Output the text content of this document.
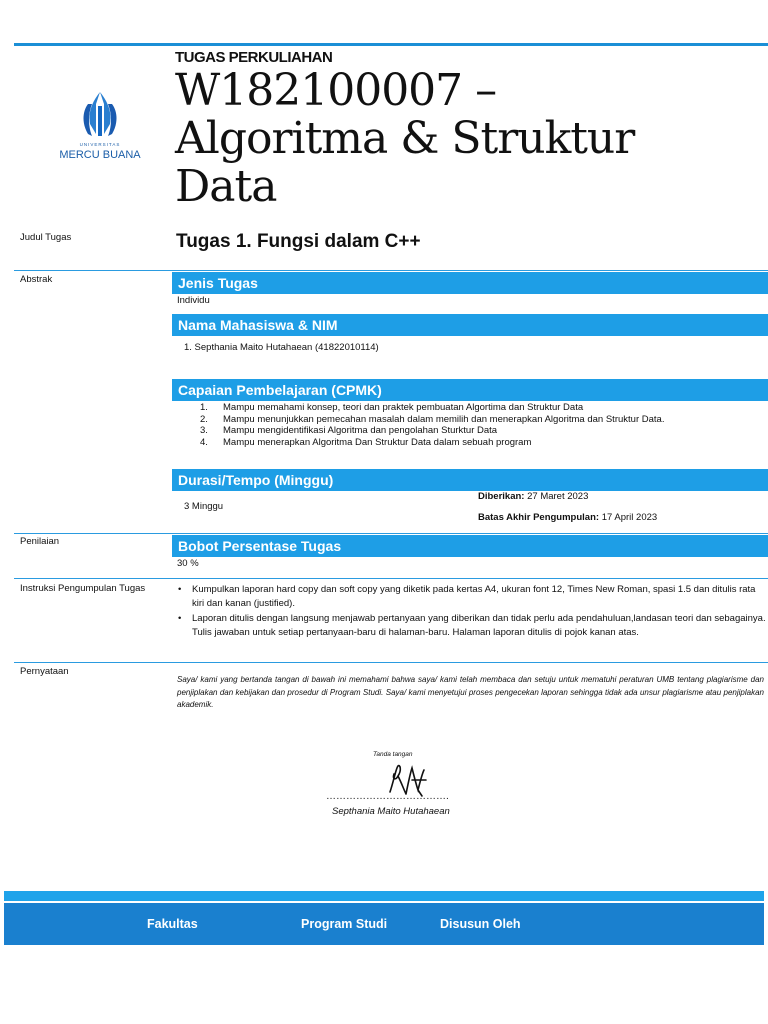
UNIVERSITAS
MERCU BUANA
TUGAS PERKULIAHAN
W182100007 –
Algoritma & Struktur
Data
Judul Tugas	Tugas 1. Fungsi dalam C++
Abstrak	Jenis Tugas
Individu
Nama Mahasiswa & NIM
1. Septhania Maito Hutahaean (41822010114)
Capaian Pembelajaran (CPMK)
1. Mampu memahami konsep, teori dan praktek pembuatan Algortima dan Struktur Data
2. Mampu menunjukkan pemecahan masalah dalam memilih dan menerapkan Algoritma dan Struktur Data.
3. Mampu mengidentifikasi Algoritma dan pengolahan Sturktur Data
4. Mampu menerapkan Algoritma Dan Struktur Data dalam sebuah program
Durasi/Tempo (Minggu)
3 Minggu
Diberikan: 27 Maret 2023
Batas Akhir Pengumpulan: 17 April 2023
Penilaian	Bobot Persentase Tugas
30 %
Instruksi Pengumpulan Tugas
•	Kumpulkan laporan hard copy dan soft copy yang diketik pada kertas A4, ukuran font 12, Times New Roman, spasi 1.5 dan ditulis rata kiri dan kanan (justified).
• Laporan ditulis dengan langsung menjawab pertanyaan yang diberikan dan tidak perlu ada pendahuluan,landasan teori dan sebagainya. Tulis jawaban untuk setiap pertanyaan-baru di halaman-baru. Halaman laporan ditulis di pojok kanan atas.
Pernyataan
Saya/ kami yang bertanda tangan di bawah ini memahami bahwa saya/ kami telah membaca dan setuju untuk mematuhi peraturan UMB tentang plagiarisme dan penjiplakan dan kebijakan dan prosedur di Program Studi. Saya/ kami menyetujui proses pengecekan laporan sehingga tidak ada unsur plagiarisme atau penjiplakan akademik.
Tanda tangan
……………………………….
Septhania Maito Hutahaean
Fakultas	Program Studi	Disusun Oleh
